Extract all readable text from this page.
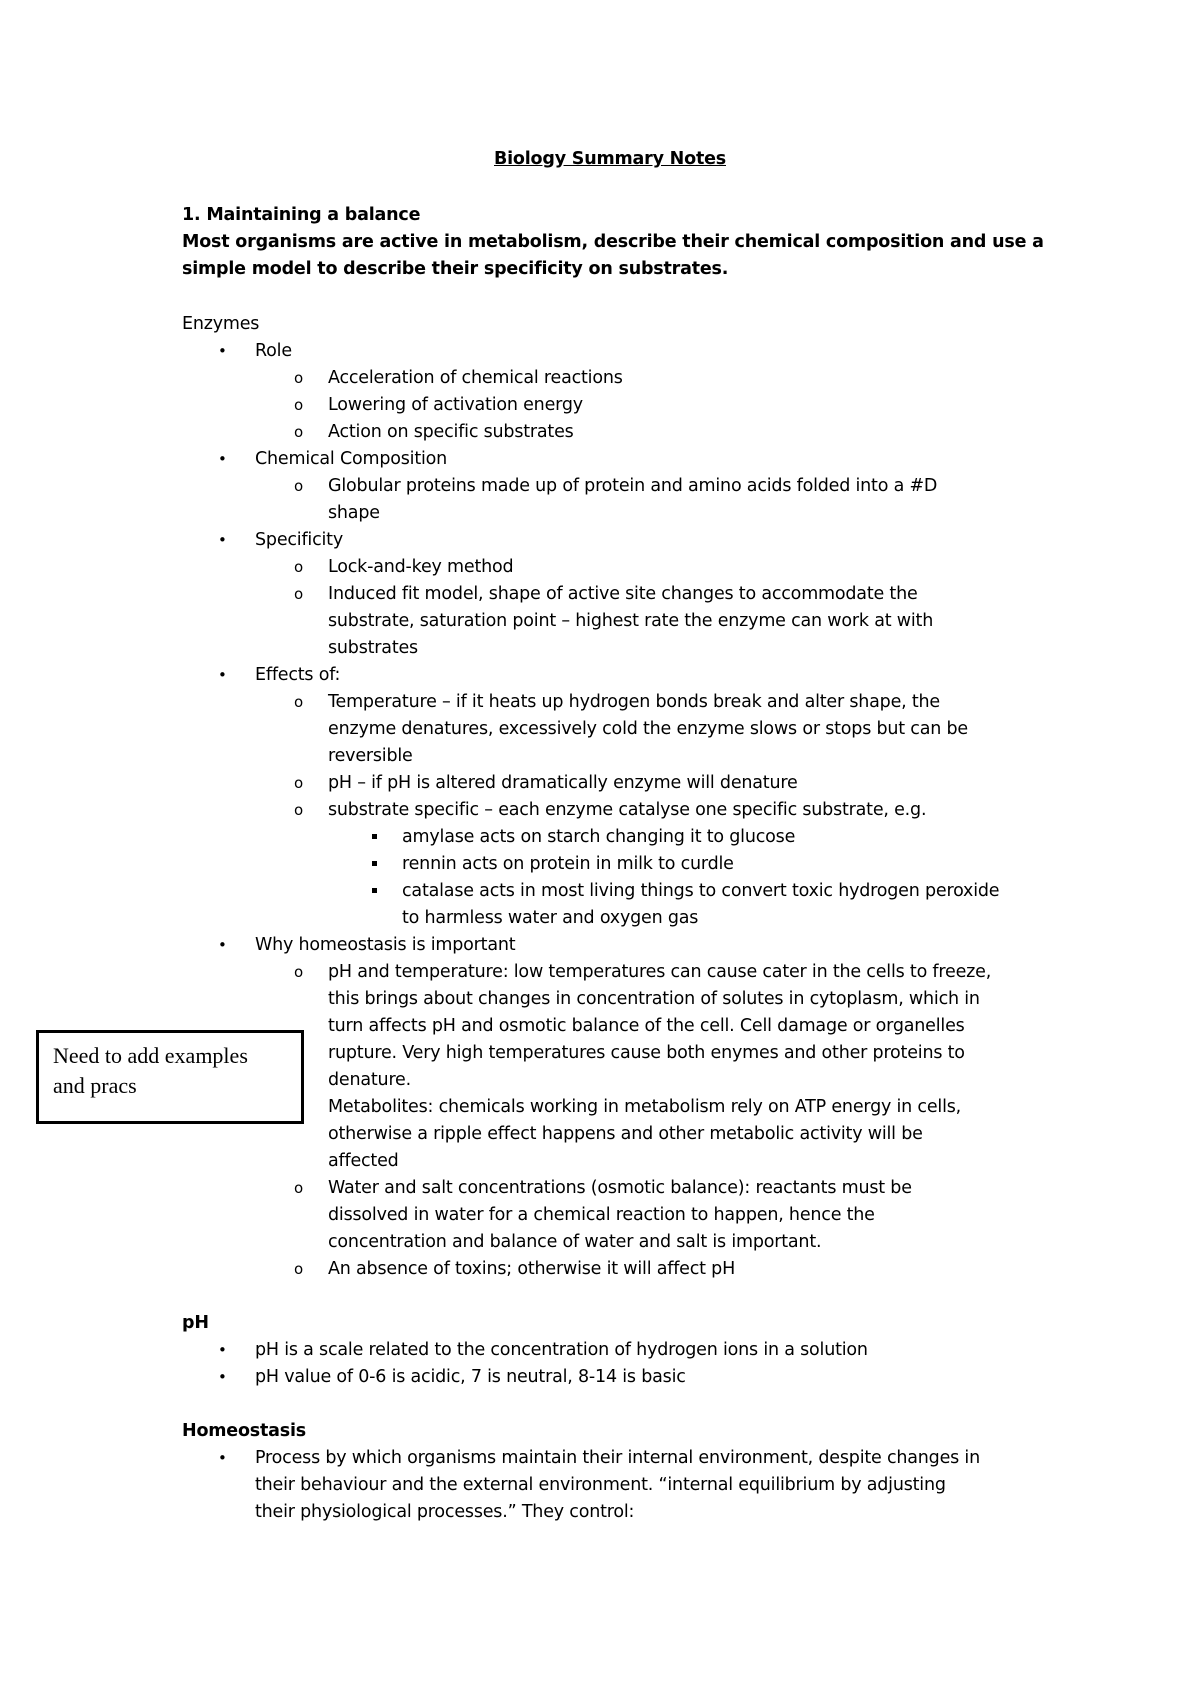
Biology Summary Notes
1. Maintaining a balance
Most organisms are active in metabolism, describe their chemical composition and use a
simple model to describe their specificity on substrates.
Enzymes
• Role
o Acceleration of chemical reactions
o Lowering of activation energy
o Action on specific substrates
• Chemical Composition
o Globular proteins made up of protein and amino acids folded into a #D
shape
• Specificity
o Lock-and-key method
o Induced fit model, shape of active site changes to accommodate the
substrate, saturation point – highest rate the enzyme can work at with
substrates
• Effects of:
o Temperature – if it heats up hydrogen bonds break and alter shape, the
enzyme denatures, excessively cold the enzyme slows or stops but can be
reversible
o pH – if pH is altered dramatically enzyme will denature
o substrate specific – each enzyme catalyse one specific substrate, e.g.
amylase acts on starch changing it to glucose
rennin acts on protein in milk to curdle
catalase acts in most living things to convert toxic hydrogen peroxide
to harmless water and oxygen gas
• Why homeostasis is important
o pH and temperature: low temperatures can cause cater in the cells to freeze,
this brings about changes in concentration of solutes in cytoplasm, which in
turn affects pH and osmotic balance of the cell. Cell damage or organelles
rupture. Very high temperatures cause both enymes and other proteins to
denature.
Metabolites: chemicals working in metabolism rely on ATP energy in cells,
otherwise a ripple effect happens and other metabolic activity will be
affected
o Water and salt concentrations (osmotic balance): reactants must be
dissolved in water for a chemical reaction to happen, hence the
concentration and balance of water and salt is important.
o An absence of toxins; otherwise it will affect pH
pH
• pH is a scale related to the concentration of hydrogen ions in a solution
• pH value of 0-6 is acidic, 7 is neutral, 8-14 is basic
Homeostasis
• Process by which organisms maintain their internal environment, despite changes in
their behaviour and the external environment. “internal equilibrium by adjusting
their physiological processes.” They control:
Need to add examples
and pracs
